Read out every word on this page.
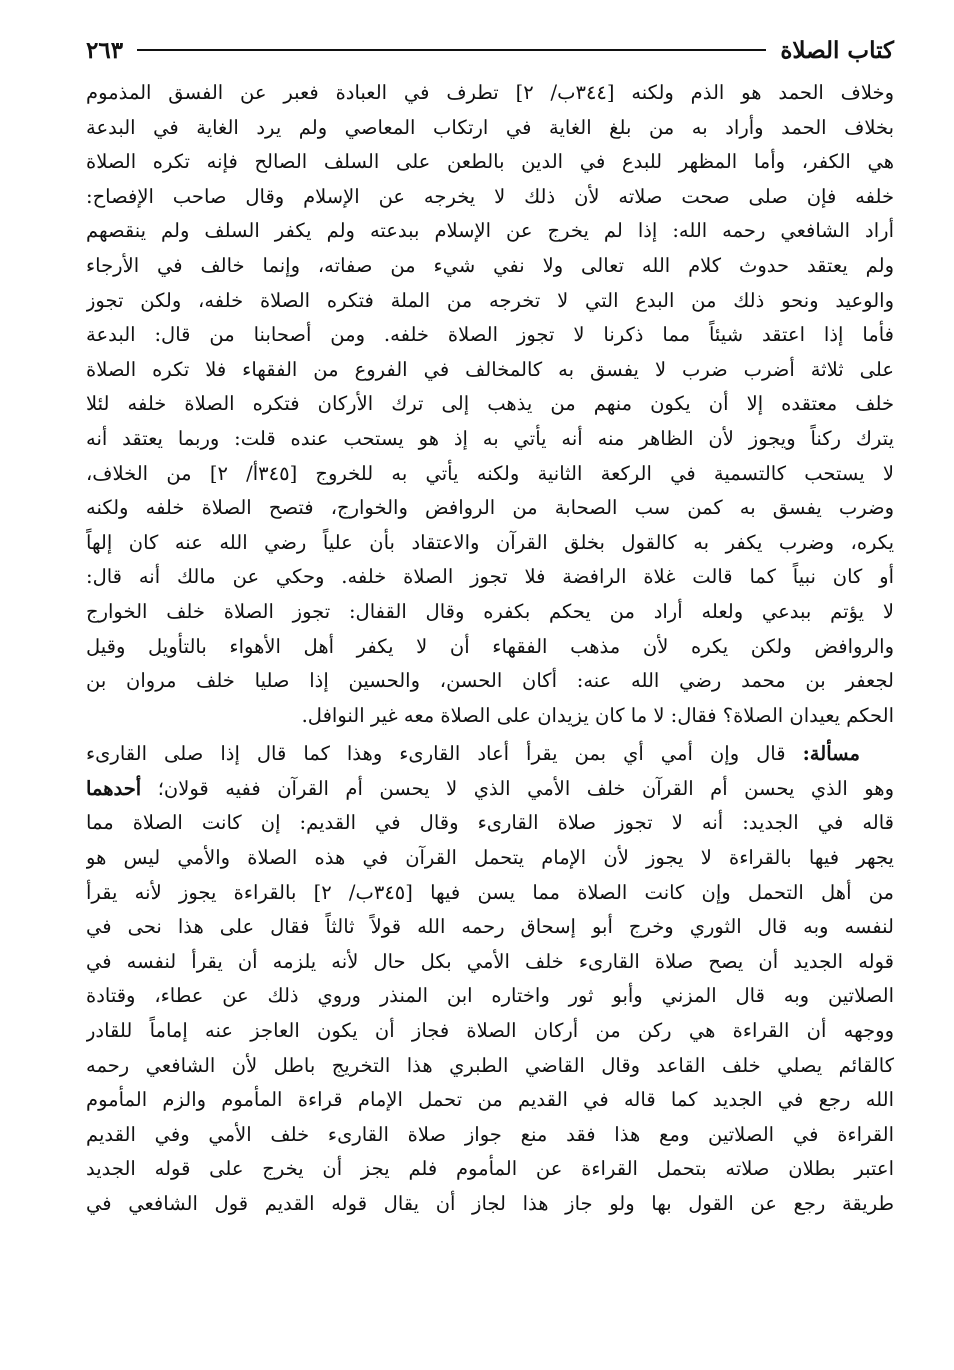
كتاب الصلاة
٢٦٣
وخلاف الحمد هو الذم ولكنه [٣٤٤ب/ ٢] تطرف في العبادة فعبر عن الفسق المذموم
بخلاف الحمد وأراد به من بلغ الغاية في ارتكاب المعاصي ولم يرد الغاية في البدعة
هي الكفر، وأما المظهر للبدع في الدين بالطعن على السلف الصالح فإنه تكره الصلاة
خلفه فإن صلى صحت صلاته لأن ذلك لا يخرجه عن الإسلام وقال صاحب الإفصاح:
أراد الشافعي رحمه الله: إذا لم يخرج عن الإسلام ببدعته ولم يكفر السلف ولم ينقصهم
ولم يعتقد حدوث كلام الله تعالى ولا نفي شيء من صفاته، وإنما خالف في الأرجاء
والوعيد ونحو ذلك من البدع التي لا تخرجه من الملة فتكره الصلاة خلفه، ولكن تجوز
فأما إذا اعتقد شيئاً مما ذكرنا لا تجوز الصلاة خلفه. ومن أصحابنا من قال: البدعة
على ثلاثة أضرب ضرب لا يفسق به كالمخالف في الفروع من الفقهاء فلا تكره الصلاة
خلف معتقده إلا أن يكون منهم من يذهب إلى ترك الأركان فتكره الصلاة خلفه لئلا
يترك ركناً ويجوز لأن الظاهر منه أنه يأتي به إذ هو يستحب عنده قلت: وربما يعتقد أنه
لا يستحب كالتسمية في الركعة الثانية ولكنه يأتي به للخروج [٣٤٥أ/ ٢] من الخلاف،
وضرب يفسق به كمن سب الصحابة من الروافض والخوارج، فتصح الصلاة خلفه ولكنه
يكره، وضرب يكفر به كالقول بخلق القرآن والاعتقاد بأن علياً رضي الله عنه كان إلهاً
أو كان نبياً كما قالت غلاة الرافضة فلا تجوز الصلاة خلفه. وحكي عن مالك أنه قال:
لا يؤتم ببدعي ولعله أراد من يحكم بكفره وقال القفال: تجوز الصلاة خلف الخوارج
والروافض ولكن يكره لأن مذهب الفقهاء أن لا يكفر أهل الأهواء بالتأويل وقيل
لجعفر بن محمد رضي الله عنه: أكان الحسن، والحسين إذا صليا خلف مروان بن
الحكم يعيدان الصلاة؟ فقال: لا ما كان يزيدان على الصلاة معه غير النوافل.
مسألة: قال وإن أمي أي بمن يقرأ أعاد القارىء وهذا كما قال إذا صلى القارىء
وهو الذي يحسن أم القرآن خلف الأمي الذي لا يحسن أم القرآن ففيه قولان؛ أحدهما
قاله في الجديد: أنه لا تجوز صلاة القارىء وقال في القديم: إن كانت الصلاة مما
يجهر فيها بالقراءة لا يجوز لأن الإمام يتحمل القرآن في هذه الصلاة والأمي ليس هو
من أهل التحمل وإن كانت الصلاة مما يسن فيها [٣٤٥ب/ ٢] بالقراءة يجوز لأنه يقرأ
لنفسه وبه قال الثوري وخرج أبو إسحاق رحمه الله قولاً ثالثاً فقال على هذا نحى في
قوله الجديد أن يصح صلاة القارىء خلف الأمي بكل حال لأنه يلزمه أن يقرأ لنفسه في
الصلاتين وبه قال المزني وأبو ثور واختاره ابن المنذر وروي ذلك عن عطاء، وقتادة
ووجهه أن القراءة هي ركن من أركان الصلاة فجاز أن يكون العاجز عنه إماماً للقادر
كالقائم يصلي خلف القاعد وقال القاضي الطبري هذا التخريج باطل لأن الشافعي رحمه
الله رجع في الجديد كما قاله في القديم من تحمل الإمام قراءة المأموم والزم المأموم
القراءة في الصلاتين ومع هذا فقد منع جواز صلاة القارىء خلف الأمي وفي القديم
اعتبر بطلان صلاته بتحمل القراءة عن المأموم فلم يجز أن يخرج على قوله الجديد
طريقة رجع عن القول بها ولو جاز هذا لجاز أن يقال قوله القديم قول الشافعي في
